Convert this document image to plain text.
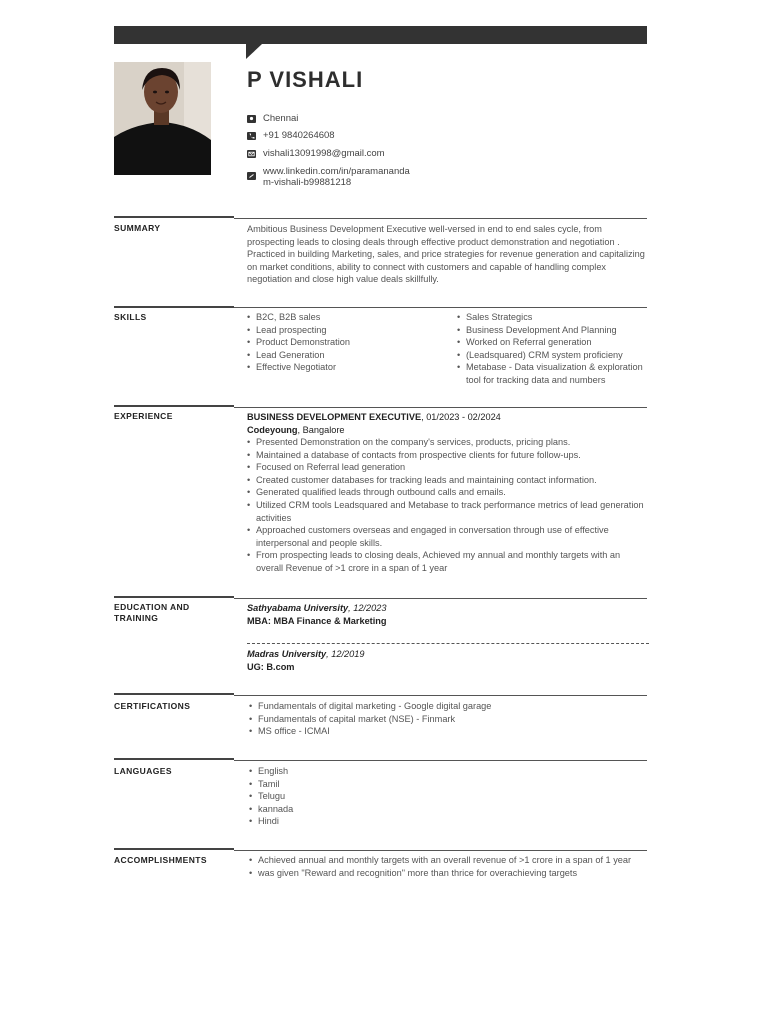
P VISHALI
Chennai
+91 9840264608
vishali13091998@gmail.com
www.linkedin.com/in/paramananda
m-vishali-b99881218
SUMMARY	Ambitious Business Development Executive well-versed in end to end sales cycle, from prospecting leads to closing deals through effective product demonstration and negotiation . Practiced in building Marketing, sales, and price strategies for revenue generation and capitalizing on market conditions, ability to connect with customers and capable of handling complex negotiation and close high value deals skillfully.

SKILLS	• B2C, B2B sales
• Lead prospecting
• Product Demonstration
• Lead Generation
• Effective Negotiator
• Sales Strategics
• Business Development And Planning
• Worked on Referral generation
• (Leadsquared) CRM system proficieny
• Metabase - Data visualization & exploration tool for tracking data and numbers
EXPERIENCE	BUSINESS DEVELOPMENT EXECUTIVE, 01/2023 - 02/2024
Codeyoung, Bangalore
• Presented Demonstration on the company's services, products, pricing plans.
• Maintained a database of contacts from prospective clients for future follow-ups.
• Focused on Referral lead generation
• Created customer databases for tracking leads and maintaining contact information.
• Generated qualified leads through outbound calls and emails.
• Utilized CRM tools Leadsquared and Metabase to track performance metrics of lead generation activities
• Approached customers overseas and engaged in conversation through use of effective interpersonal and people skills.
• From prospecting leads to closing deals, Achieved my annual and monthly targets with an overall Revenue of >1 crore in a span of 1 year
EDUCATION AND
TRAINING
Sathyabama University, 12/2023
MBA: MBA Finance & Marketing
Madras University, 12/2019
UG: B.com
CERTIFICATIONS	• Fundamentals of digital marketing - Google digital garage
• Fundamentals of capital market (NSE) - Finmark
• MS office - ICMAI
LANGUAGES	• English
• Tamil
• Telugu
• kannada
• Hindi
ACCOMPLISHMENTS	• Achieved annual and monthly targets with an overall revenue of >1 crore in a span of 1 year
• was given "Reward and recognition" more than thrice for overachieving targets
